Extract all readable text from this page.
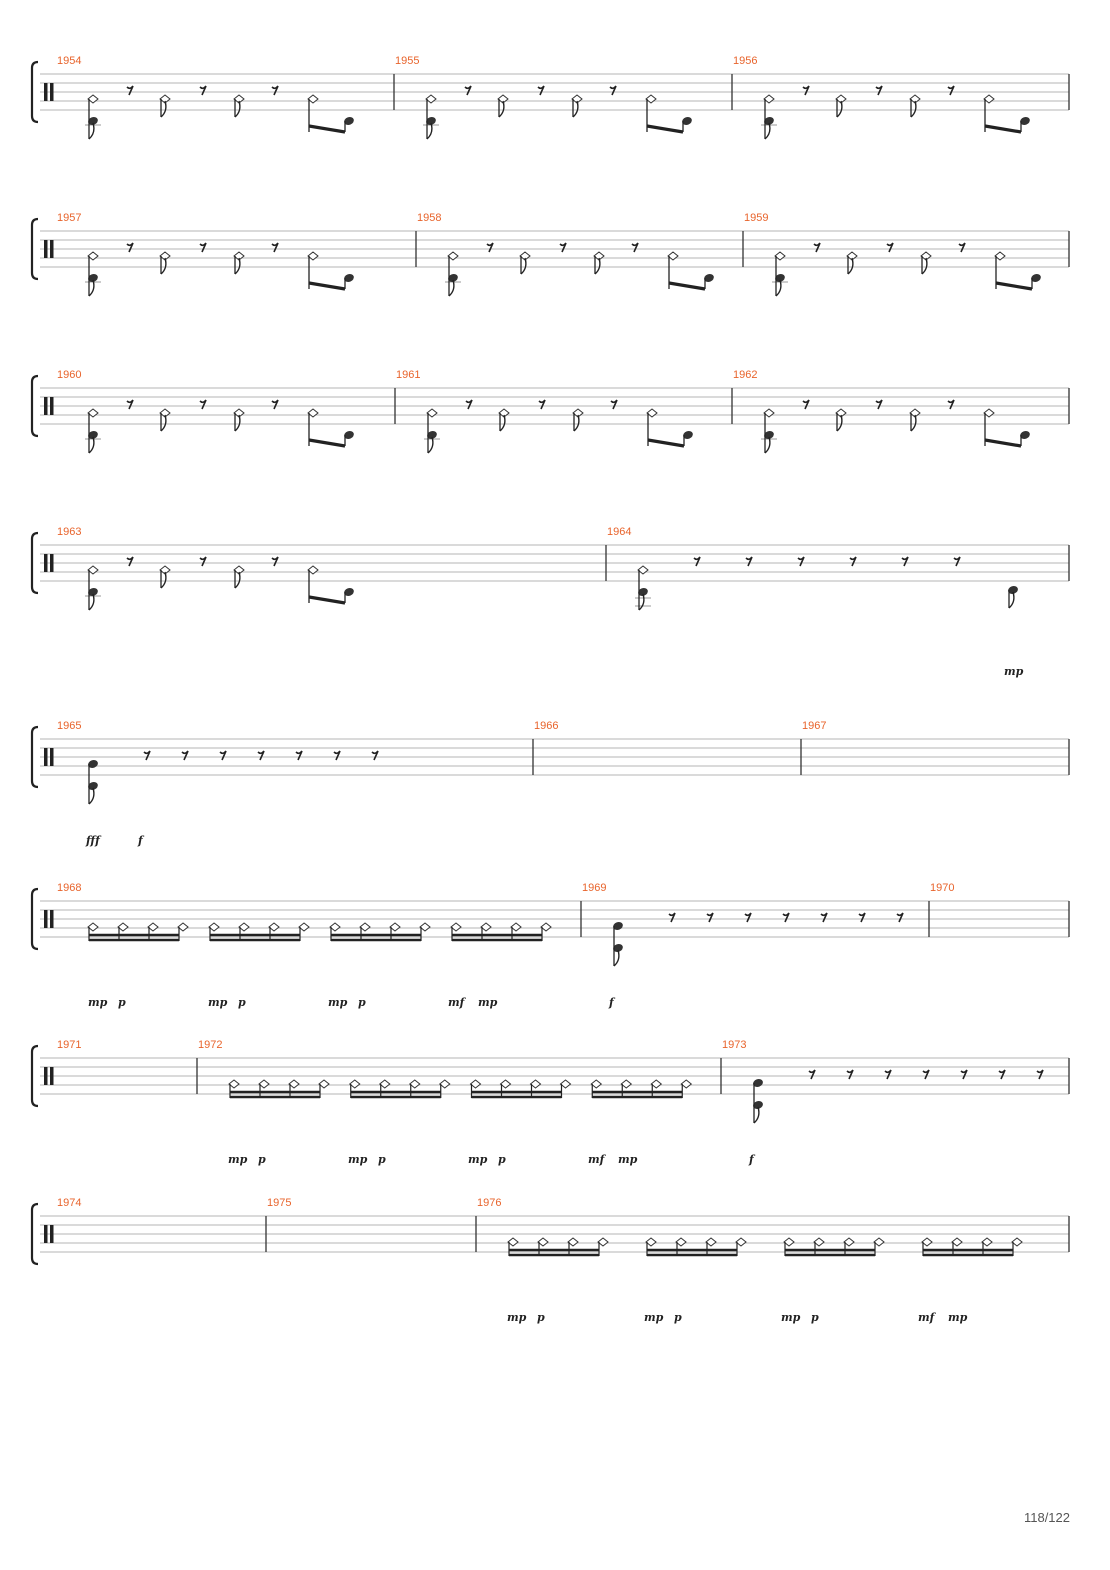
1954	1955	1956
1957	1958	1959
1960	1961	1962
1963	1964
mp
1965	1966	1967
fff	f
1968	1969	1970
mp p	mp p	mp p	mf mp	f
1971	1972	1973
mp p	mp p	mp p	mf mp	f
1974	1975	1976
mp p	mp p	mp p	mf mp
118/122
